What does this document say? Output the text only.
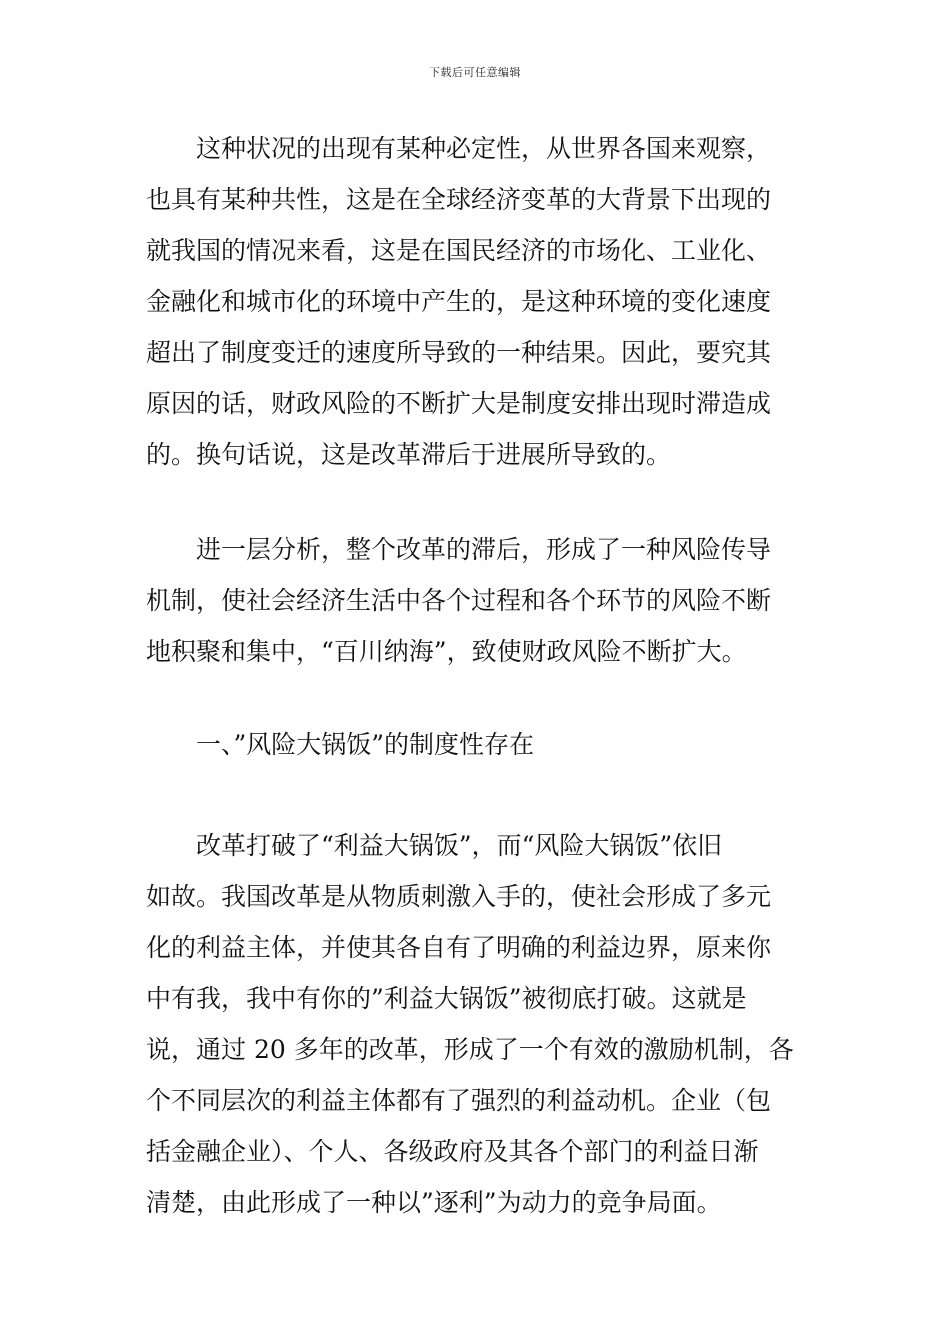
下载后可任意编辑

这种状况的出现有某种必定性，从世界各国来观察，
也具有某种共性，这是在全球经济变革的大背景下出现的
就我国的情况来看，这是在国民经济的市场化、工业化、
金融化和城市化的环境中产生的，是这种环境的变化速度
超出了制度变迁的速度所导致的一种结果。因此，要究其
原因的话，财政风险的不断扩大是制度安排出现时滞造成
的。换句话说，这是改革滞后于进展所导致的。

进一层分析，整个改革的滞后，形成了一种风险传导
机制，使社会经济生活中各个过程和各个环节的风险不断
地积聚和集中，“百川纳海”，致使财政风险不断扩大。

一、”风险大锅饭”的制度性存在

改革打破了“利益大锅饭”，而“风险大锅饭”依旧
如故。我国改革是从物质刺激入手的，使社会形成了多元
化的利益主体，并使其各自有了明确的利益边界，原来你
中有我，我中有你的”利益大锅饭”被彻底打破。这就是
说，通过 20 多年的改革，形成了一个有效的激励机制，各
个不同层次的利益主体都有了强烈的利益动机。企业（包
括金融企业）、个人、各级政府及其各个部门的利益日渐
清楚，由此形成了一种以”逐利”为动力的竞争局面。
